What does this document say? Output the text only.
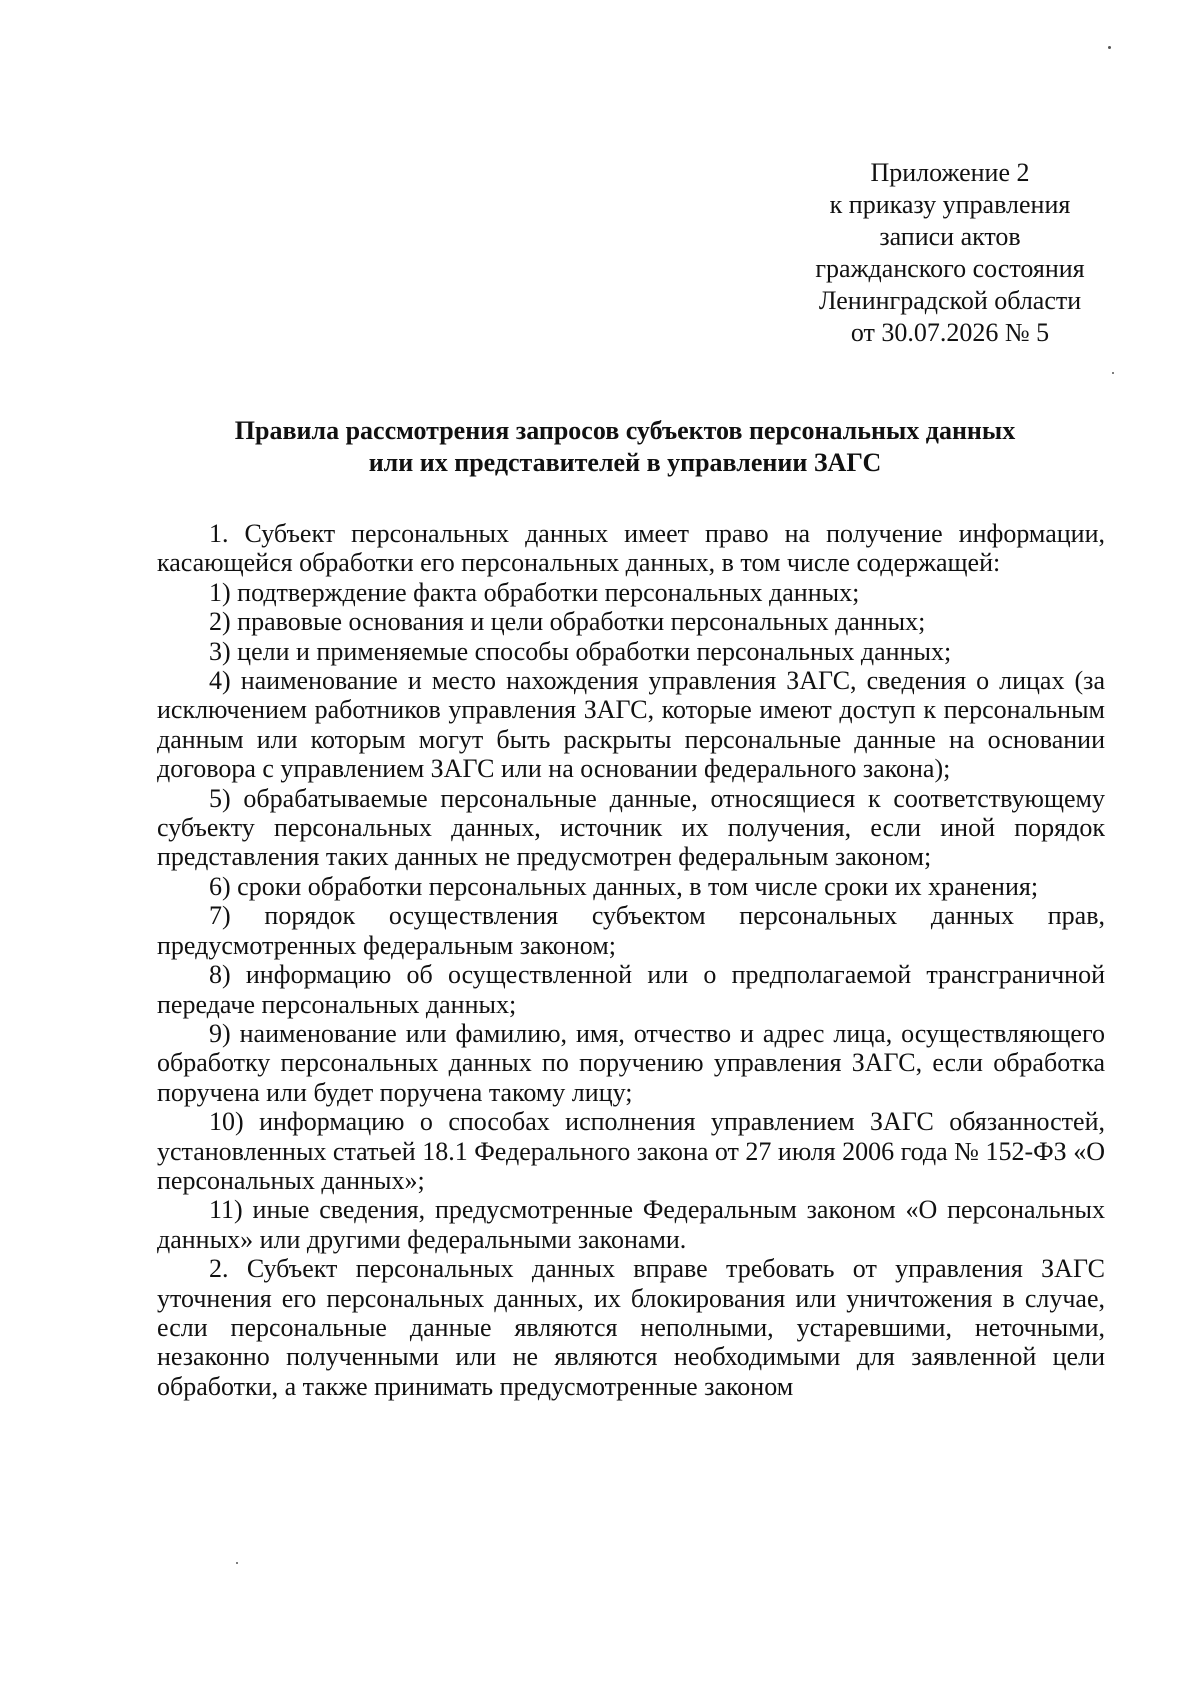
Приложение 2
к приказу управления
записи актов
гражданского состояния
Ленинградской области
от 30.07.2026 № 5
Правила рассмотрения запросов субъектов персональных данных
или их представителей в управлении ЗАГС

1. Субъект персональных данных имеет право на получение информации, касающейся обработки его персональных данных, в том числе содержащей:

1) подтверждение факта обработки персональных данных;

2) правовые основания и цели обработки персональных данных;

3) цели и применяемые способы обработки персональных данных;

4) наименование и место нахождения управления ЗАГС, сведения о лицах (за исключением работников управления ЗАГС, которые имеют доступ к персональным данным или которым могут быть раскрыты персональные данные на основании договора с управлением ЗАГС или на основании федерального закона);

5) обрабатываемые персональные данные, относящиеся к соответствующему субъекту персональных данных, источник их получения, если иной порядок представления таких данных не предусмотрен федеральным законом;

6) сроки обработки персональных данных, в том числе сроки их хранения;

7) порядок осуществления субъектом персональных данных прав, предусмотренных федеральным законом;

8) информацию об осуществленной или о предполагаемой трансграничной передаче персональных данных;

9) наименование или фамилию, имя, отчество и адрес лица, осуществляющего обработку персональных данных по поручению управления ЗАГС, если обработка поручена или будет поручена такому лицу;

10) информацию о способах исполнения управлением ЗАГС обязанностей, установленных статьей 18.1 Федерального закона от 27 июля 2006 года № 152-ФЗ «О персональных данных»;

11) иные сведения, предусмотренные Федеральным законом «О персональных данных» или другими федеральными законами.

2. Субъект персональных данных вправе требовать от управления ЗАГС уточнения его персональных данных, их блокирования или уничтожения в случае, если персональные данные являются неполными, устаревшими, неточными, незаконно полученными или не являются необходимыми для заявленной цели обработки, а также принимать предусмотренные законом
